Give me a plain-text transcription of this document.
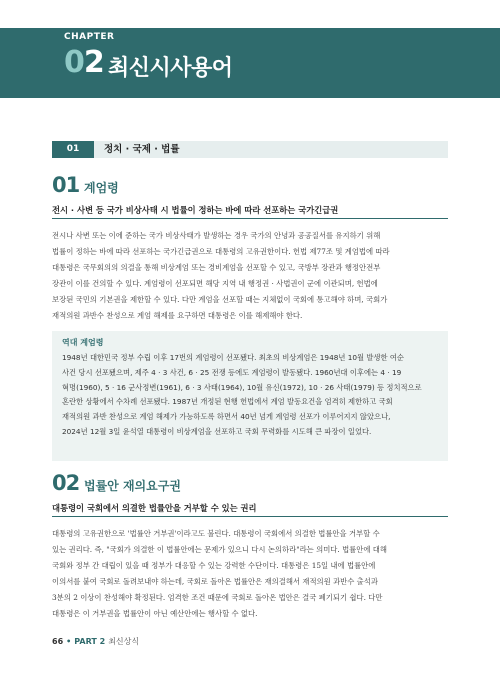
CHAPTER
02 최신시사용어
01	정치 · 국제 · 법률
01 계엄령
전시 · 사변 등 국가 비상사태 시 법률이 정하는 바에 따라 선포하는 국가긴급권
전시나 사변 또는 이에 준하는 국가 비상사태가 발생하는 경우 국가의 안녕과 공공질서를 유지하기 위해
법률이 정하는 바에 따라 선포하는 국가긴급권으로 대통령의 고유권한이다. 헌법 제77조 및 계엄법에 따라
대통령은 국무회의의 의결을 통해 비상계엄 또는 경비계엄을 선포할 수 있고, 국방부 장관과 행정안전부
장관이 이를 건의할 수 있다. 계엄령이 선포되면 해당 지역 내 행정권 · 사법권이 군에 이관되며, 헌법에
보장된 국민의 기본권을 제한할 수 있다. 다만 계엄을 선포할 때는 지체없이 국회에 통고해야 하며, 국회가
재적의원 과반수 찬성으로 계엄 해제를 요구하면 대통령은 이를 해제해야 한다.
역대 계엄령
1948년 대한민국 정부 수립 이후 17번의 계엄령이 선포됐다. 최초의 비상계엄은 1948년 10월 발생한 여순
사건 당시 선포됐으며, 제주 4 · 3 사건, 6 · 25 전쟁 등에도 계엄령이 발동됐다. 1960년대 이후에는 4 · 19
혁명(1960), 5 · 16 군사정변(1961), 6 · 3 사태(1964), 10월 유신(1972), 10 · 26 사태(1979) 등 정치적으로
혼란한 상황에서 수차례 선포됐다. 1987년 개정된 현행 헌법에서 계엄 발동요건을 엄격히 제한하고 국회
재적의원 과반 찬성으로 계엄 해제가 가능하도록 하면서 40년 넘게 계엄령 선포가 이루어지지 않았으나,
2024년 12월 3일 윤석열 대통령이 비상계엄을 선포하고 국회 무력화를 시도해 큰 파장이 일었다.
02 법률안 재의요구권
대통령이 국회에서 의결한 법률안을 거부할 수 있는 권리
대통령의 고유권한으로 '법률안 거부권'이라고도 불린다. 대통령이 국회에서 의결한 법률안을 거부할 수
있는 권리다. 즉, "국회가 의결한 이 법률안에는 문제가 있으니 다시 논의하라"라는 의미다. 법률안에 대해
국회와 정부 간 대립이 있을 때 정부가 대응할 수 있는 강력한 수단이다. 대통령은 15일 내에 법률안에
이의서를 붙여 국회로 돌려보내야 하는데, 국회로 돌아온 법률안은 재의결해서 재적의원 과반수 출석과
3분의 2 이상이 찬성해야 확정된다. 엄격한 조건 때문에 국회로 돌아온 법안은 결국 폐기되기 쉽다. 다만
대통령은 이 거부권을 법률안이 아닌 예산안에는 행사할 수 없다.
66 • PART 2 최신상식
